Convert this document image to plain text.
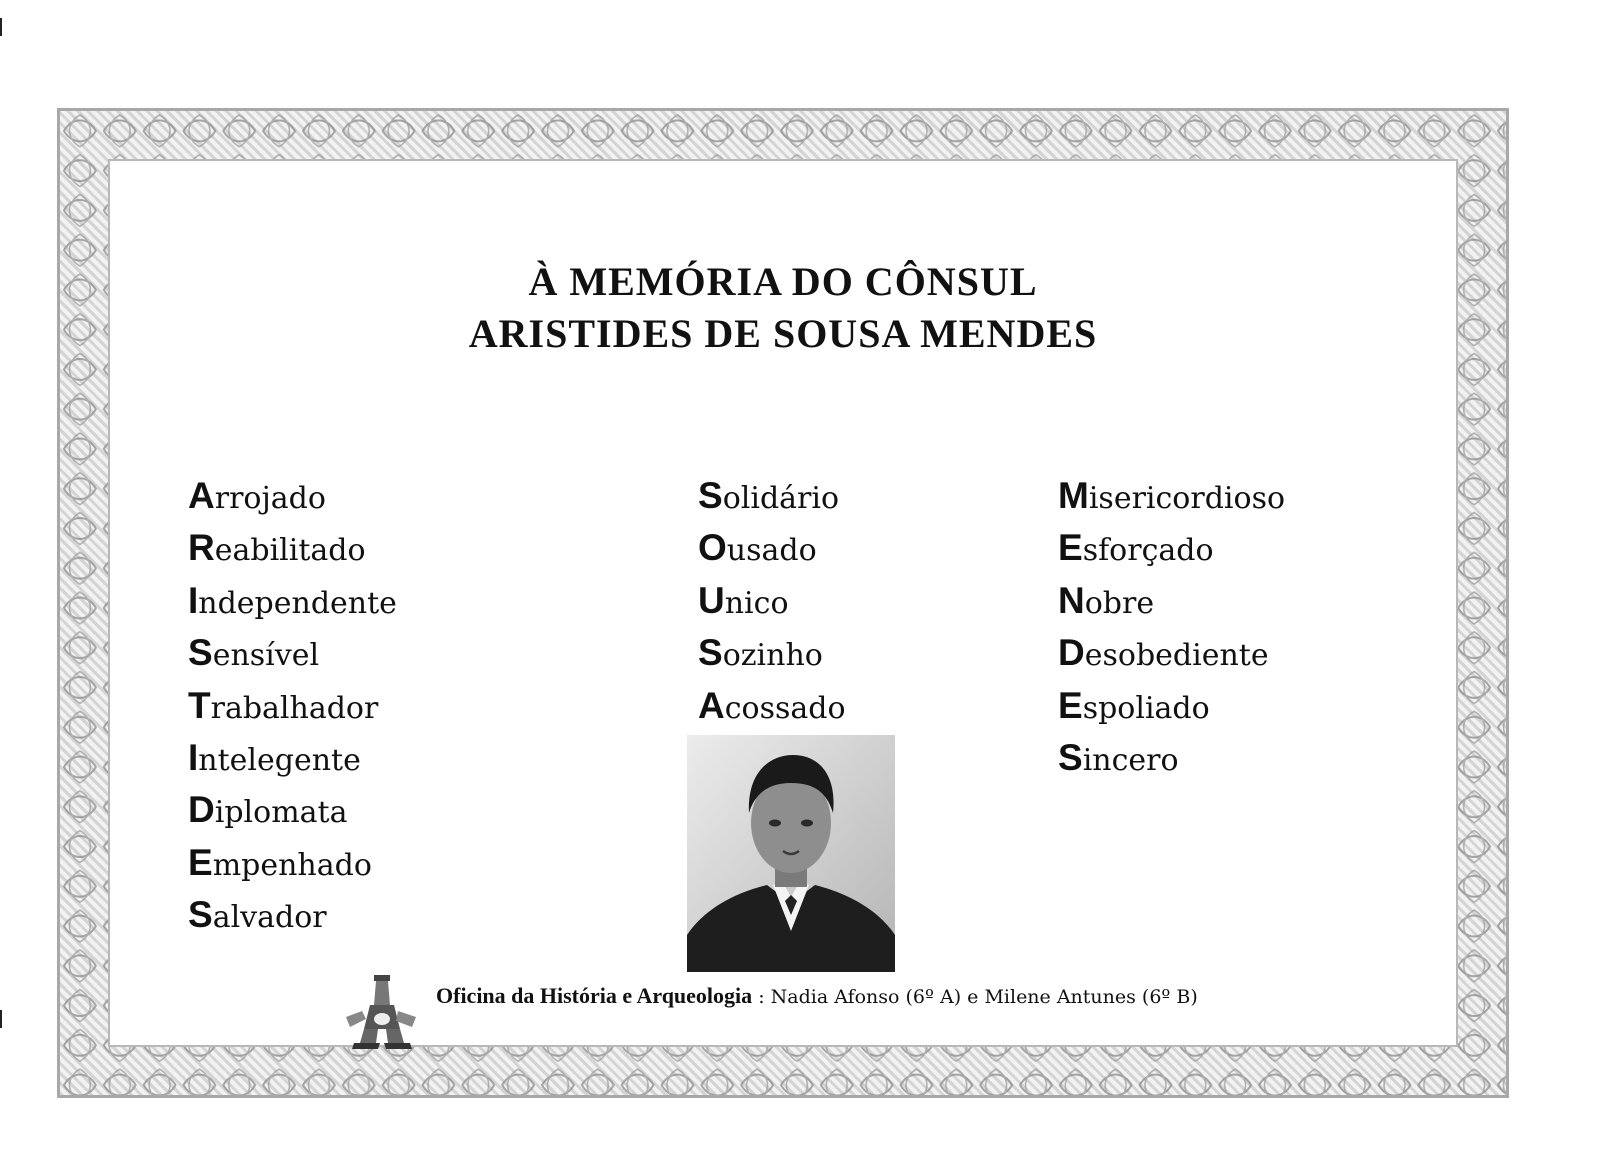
À MEMÓRIA DO CÔNSUL
ARISTIDES DE SOUSA MENDES
Arrojado
Reabilitado
Independente
Sensível
Trabalhador
Intelegente
Diplomata
Empenhado
Salvador
Solidário
Ousado
Unico
Sozinho
Acossado
Misericordioso
Esforçado
Nobre
Desobediente
Espoliado
Sincero
Oficina da História e Arqueologia : Nadia Afonso (6º A) e Milene Antunes (6º B)
